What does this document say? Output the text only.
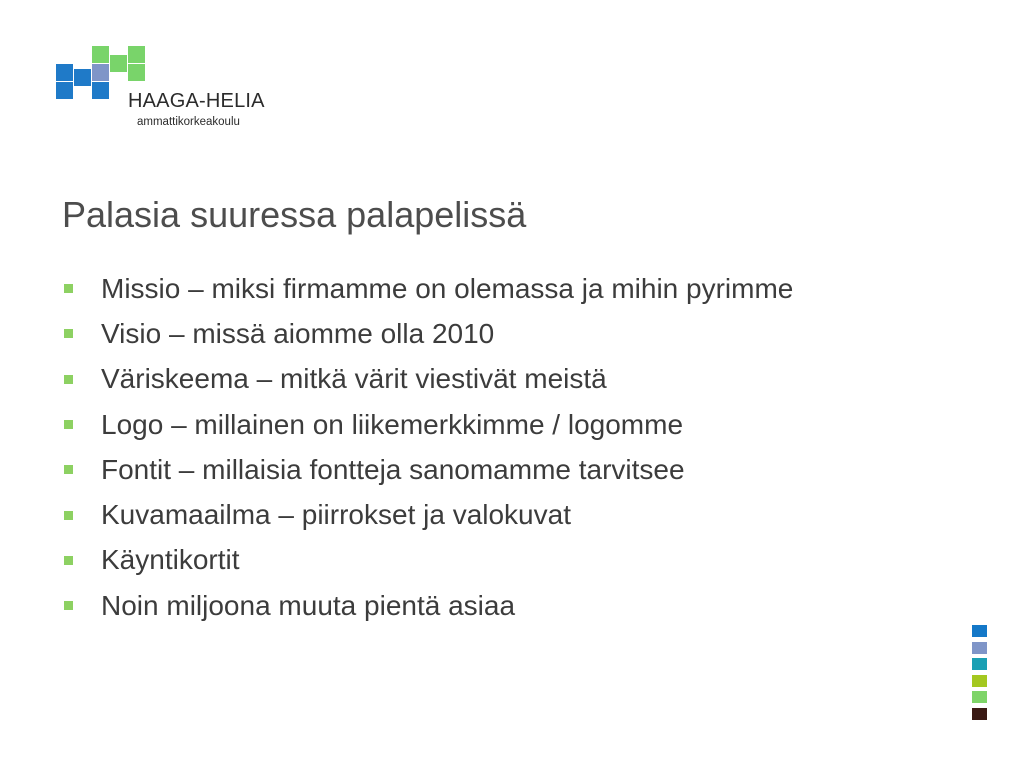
HAAGA-HELIA
ammattikorkeakoulu
Palasia suuressa palapelissä
Missio – miksi firmamme on olemassa ja mihin pyrimme
Visio – missä aiomme olla 2010
Väriskeema – mitkä värit viestivät meistä
Logo – millainen on liikemerkkimme / logomme
Fontit – millaisia fontteja sanomamme tarvitsee
Kuvamaailma – piirrokset ja valokuvat
Käyntikortit
Noin miljoona muuta pientä asiaa
